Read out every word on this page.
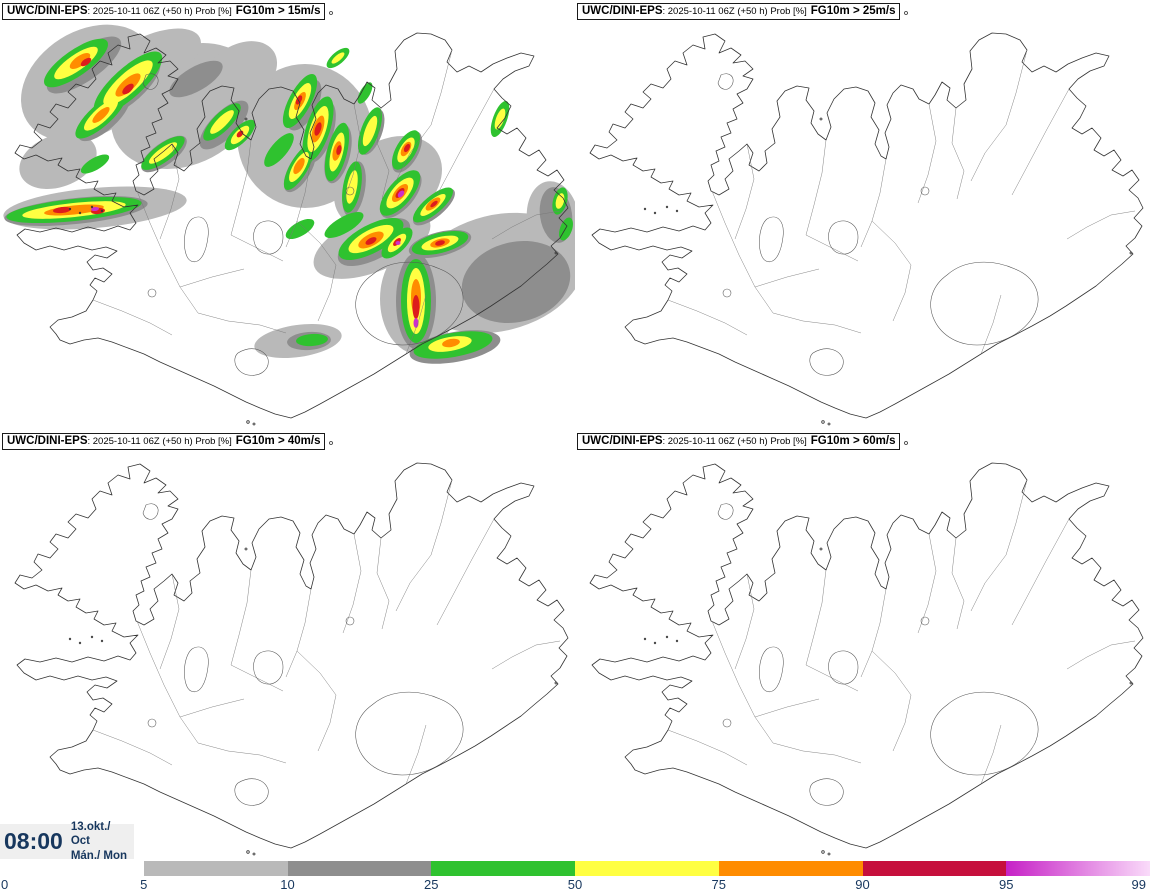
UWC/DINI-EPS : 2025-10-11 06Z (+50 h) Prob [%] FG10m > 15m/s	UWC/DINI-EPS : 2025-10-11 06Z (+50 h) Prob [%] FG10m > 25m/s
UWC/DINI-EPS : 2025-10-11 06Z (+50 h) Prob [%] FG10m > 40m/s	UWC/DINI-EPS : 2025-10-11 06Z (+50 h) Prob [%] FG10m > 60m/s
08:00
13.okt./ Oct
Mán./ Mon
0	5	10	25	50	75	90	95	99
